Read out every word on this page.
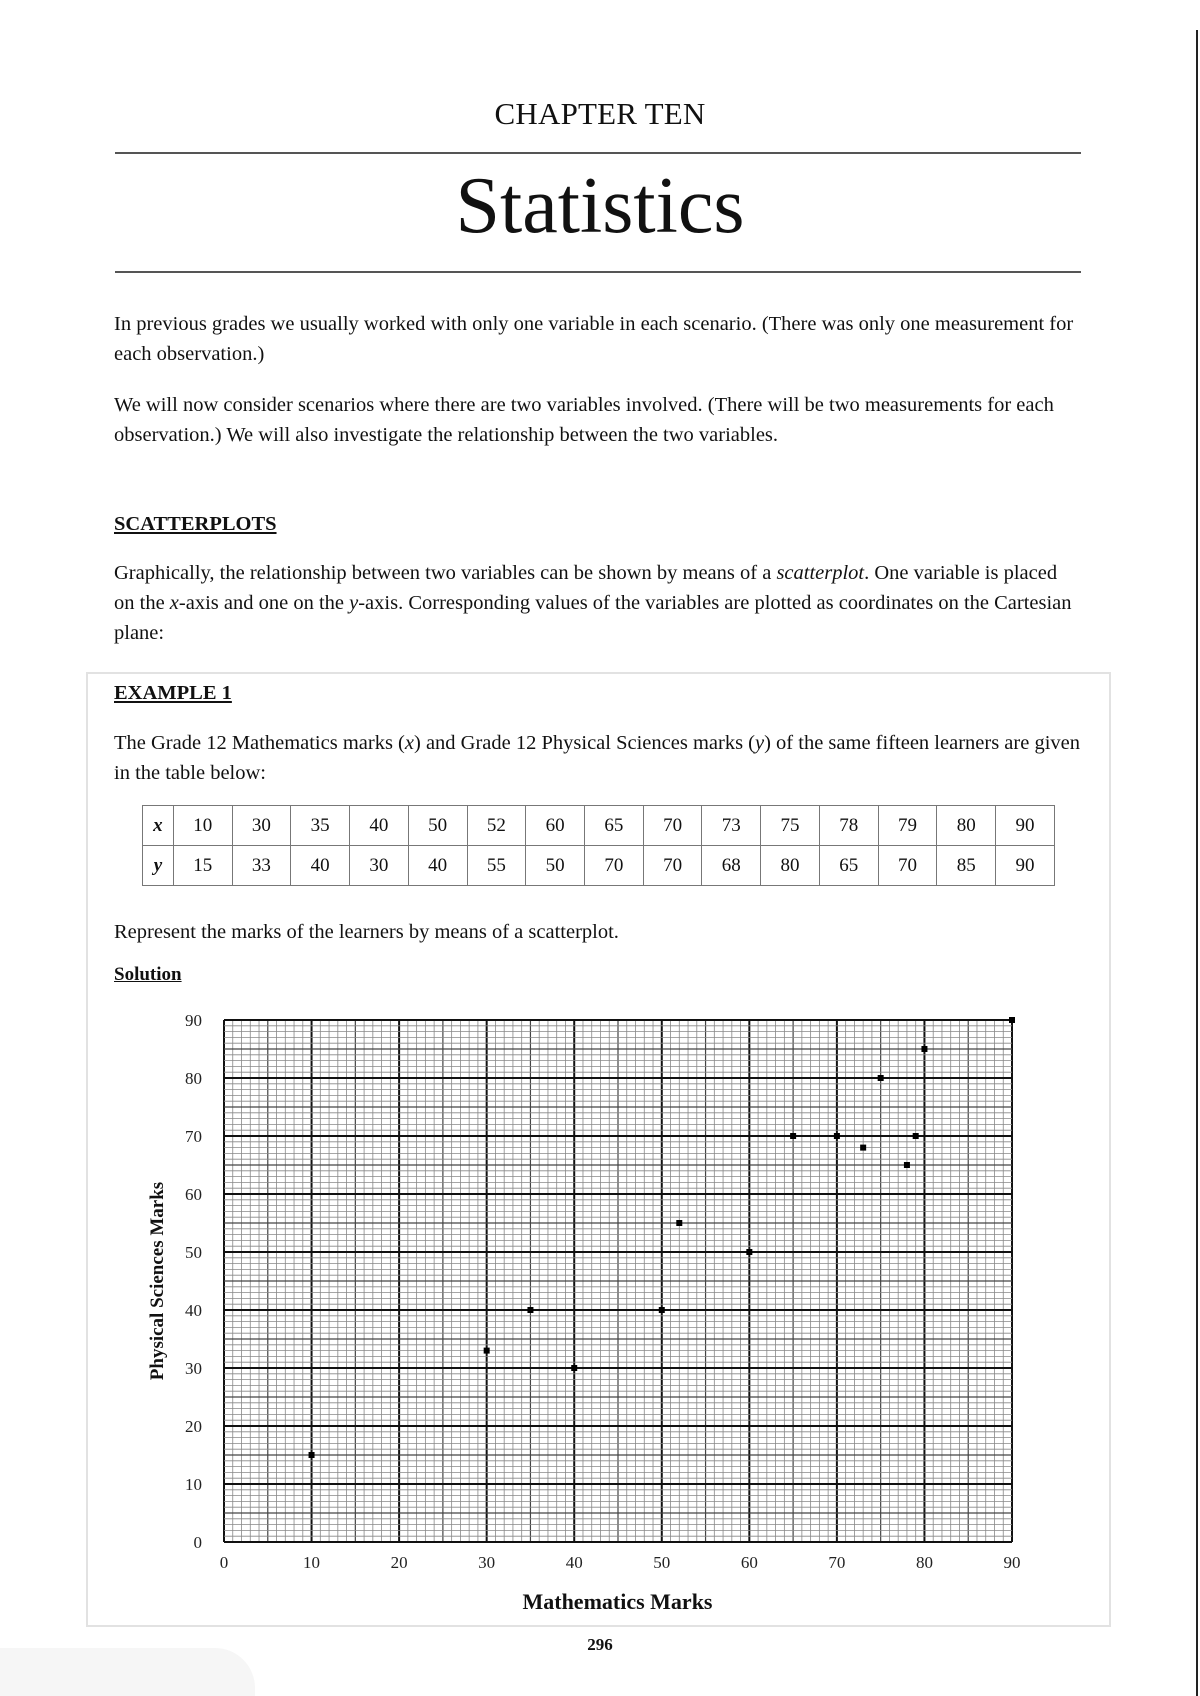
CHAPTER TEN
Statistics
In previous grades we usually worked with only one variable in each scenario. (There was only one measurement for each observation.)
We will now consider scenarios where there are two variables involved. (There will be two measurements for each observation.) We will also investigate the relationship between the two variables.
SCATTERPLOTS
Graphically, the relationship between two variables can be shown by means of a scatterplot. One variable is placed on the x-axis and one on the y-axis. Corresponding values of the variables are plotted as coordinates on the Cartesian plane:
EXAMPLE 1
The Grade 12 Mathematics marks (x) and Grade 12 Physical Sciences marks (y) of the same fifteen learners are given in the table below:
x	10	30	35	40	50	52	60	65	70	73	75	78	79	80	90
y	15	33	40	30	40	55	50	70	70	68	80	65	70	85	90
Represent the marks of the learners by means of a scatterplot.
Solution
0	10	20	30	40	50	60	70	80	90
0
10
20
30
40
50
60
70
80
90
Physical Sciences Marks
Mathematics Marks
296
